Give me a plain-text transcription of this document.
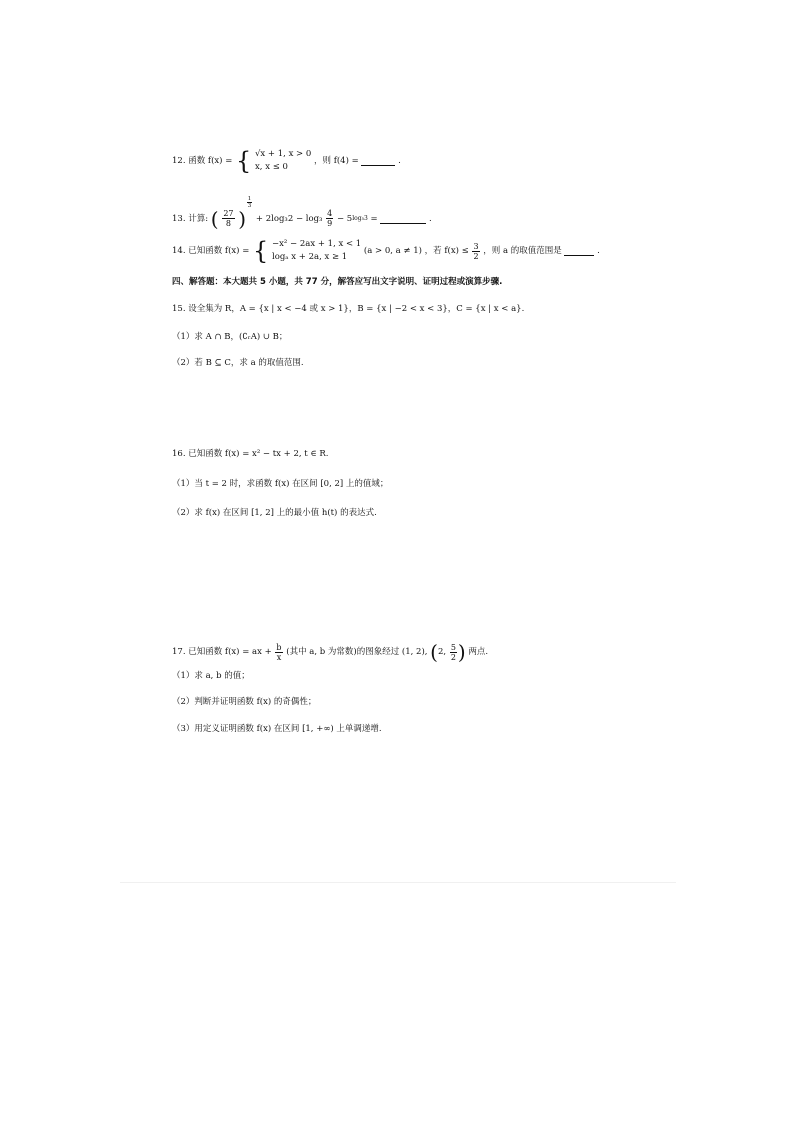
12. 函数 f(x) = { √x + 1, x > 0
x, x ≤ 0
，则 f(4) =	.
13. 计算: ( $\frac{27}{8}$ )
$\frac{1}{3}$
+ $2\log_32 - \log_3 \frac{4}{9} - 5\log_53$ =	.
14. 已知函数 f(x) = { −x² − 2ax + 1, x < 1
logₐ x + 2a, x ≥ 1
(a > 0, a ≠ 1) ，若 $f(x) \le \frac{3}{2}$ ，则 a 的取值范围是	.
四、解答题：本大题共 5 小题，共 77 分，解答应写出文字说明、证明过程或演算步骤.
15. 设全集为 R，A = {x | x < −4 或 x > 1}，B = {x | −2 < x < 3}，C = {x | x < a}.
（1）求 A ∩ B，(∁ᵣA) ∪ B；
（2）若 B ⊆ C，求 a 的取值范围.
16. 已知函数 f(x) = x² − tx + 2, t ∈ R.
（1）当 t = 2 时，求函数 f(x) 在区间 [0, 2] 上的值域；
（2）求 f(x) 在区间 [1, 2] 上的最小值 h(t) 的表达式.
17. 已知函数 f(x) = ax + $\frac{b}{x}$ (其中 a, b 为常数)的图象经过 (1, 2), (2, $\frac{5}{2}$ ) 两点.
（1）求 a, b 的值；
（2）判断并证明函数 f(x) 的奇偶性；
（3）用定义证明函数 f(x) 在区间 [1, +∞) 上单调递增.
